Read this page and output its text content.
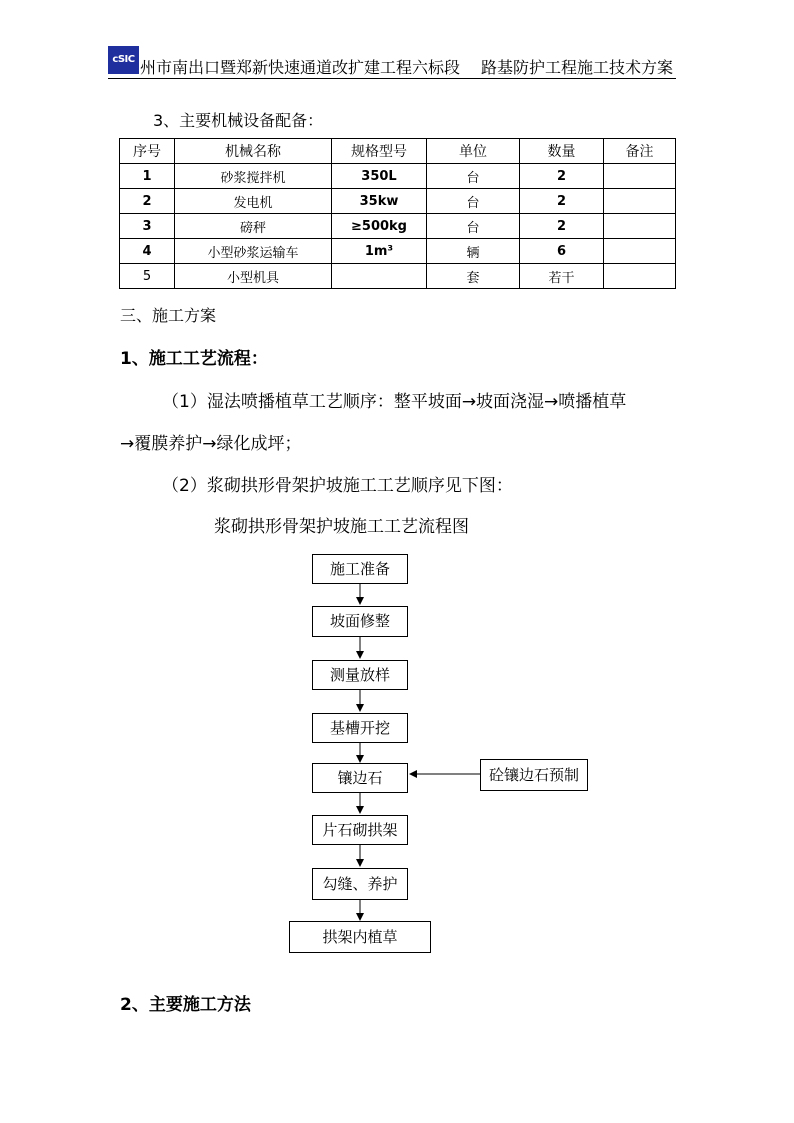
cSIC 州市南出口暨郑新快速通道改扩建工程六标段 路基防护工程施工技术方案
3、主要机械设备配备：
序号	机械名称	规格型号	单位	数量	备注
1	砂浆搅拌机	350L	台	2	
2	发电机	35kw	台	2	
3	磅秤	≥500kg	台	2	
4	小型砂浆运输车	1m³	辆	6	
5	小型机具		套	若干	
三、施工方案
1、施工工艺流程：
（1）湿法喷播植草工艺顺序：整平坡面→坡面浇湿→喷播植草
→覆膜养护→绿化成坪；
（2）浆砌拱形骨架护坡施工工艺顺序见下图：
浆砌拱形骨架护坡施工工艺流程图
施工准备
坡面修整
测量放样
基槽开挖
镶边石
片石砌拱架
勾缝、养护
拱架内植草
砼镶边石预制
2、主要施工方法
